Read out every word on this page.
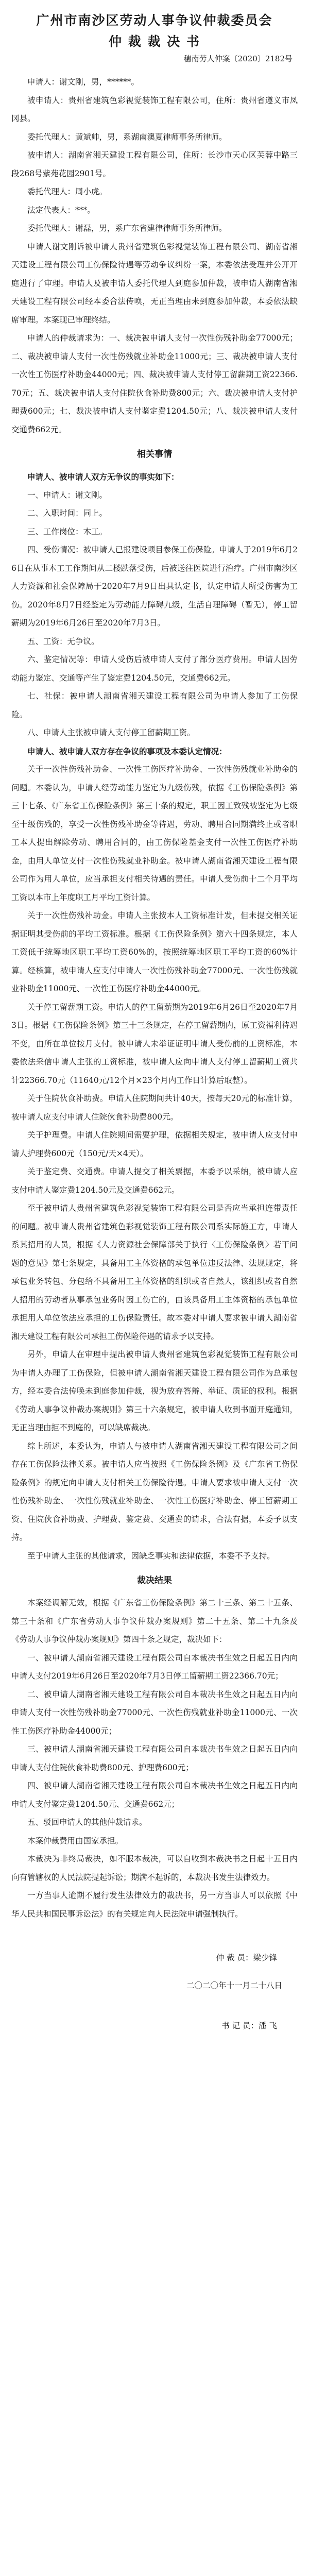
广州市南沙区劳动人事争议仲裁委员会
仲 裁 裁 决 书
穗南劳人仲案〔2020〕2182号

申请人：谢文刚，男，******。

被申请人：贵州省建筑色彩视觉装饰工程有限公司，住所：贵州省遵义市凤冈县。

委托代理人：黄斌帅，男，系湖南澳夏律师事务所律师。

被申请人：湖南省湘天建设工程有限公司，住所：长沙市天心区芙蓉中路三段268号紫苑花园2901号。

委托代理人：周小虎。

法定代表人：***。

委托代理人：谢磊，男，系广东省建律律师事务所律师。

申请人谢文刚诉被申请人贵州省建筑色彩视觉装饰工程有限公司、湖南省湘天建设工程有限公司工伤保险待遇等劳动争议纠纷一案，本委依法受理并公开开庭进行了审理。申请人及被申请人委托代理人到庭参加仲裁，被申请人湖南省湘天建设工程有限公司经本委合法传唤，无正当理由未到庭参加仲裁，本委依法缺席审理。本案现已审理终结。

申请人的仲裁请求为：一、裁决被申请人支付一次性伤残补助金77000元；二、裁决被申请人支付一次性伤残就业补助金11000元；三、裁决被申请人支付一次性工伤医疗补助金44000元；四、裁决被申请人支付停工留薪期工资22366.70元；五、裁决被申请人支付住院伙食补助费800元；六、裁决被申请人支付护理费600元；七、裁决被申请人支付鉴定费1204.50元；八、裁决被申请人支付交通费662元。

相关事情

申请人、被申请人双方无争议的事实如下：

一、申请人：谢文刚。

二、入职时间：同上。

三、工作岗位：木工。

四、受伤情况：被申请人已报建设项目参保工伤保险。申请人于2019年6月26日在从事木工工作期间从二楼跌落受伤，后被送往医院进行治疗。广州市南沙区人力资源和社会保障局于2020年7月9日出具认定书，认定申请人所受伤害为工伤。2020年8月7日经鉴定为劳动能力障碍九级，生活自理障碍（暂无），停工留薪期为2019年6月26日至2020年7月3日。

五、工资：无争议。

六、鉴定情况等：申请人受伤后被申请人支付了部分医疗费用。申请人因劳动能力鉴定、交通等产生了鉴定费1204.50元，交通费662元。

七、社保：被申请人湖南省湘天建设工程有限公司为申请人参加了工伤保险。

八、申请人主张被申请人支付停工留薪期工资。

申请人、被申请人双方存在争议的事项及本委认定情况：

关于一次性伤残补助金、一次性工伤医疗补助金、一次性伤残就业补助金的问题。本委认为，申请人经劳动能力鉴定为九级伤残，依据《工伤保险条例》第三十七条、《广东省工伤保险条例》第三十条的规定，职工因工致残被鉴定为七级至十级伤残的，享受一次性伤残补助金等待遇，劳动、聘用合同期满终止或者职工本人提出解除劳动、聘用合同的，由工伤保险基金支付一次性工伤医疗补助金，由用人单位支付一次性伤残就业补助金。被申请人湖南省湘天建设工程有限公司作为用人单位，应当承担支付相关待遇的责任。申请人受伤前十二个月平均工资以本市上年度职工月平均工资计算。

关于一次性伤残补助金。申请人主张按本人工资标准计发，但未提交相关证据证明其受伤前的平均工资标准。根据《工伤保险条例》第六十四条规定，本人工资低于统筹地区职工平均工资60%的，按照统筹地区职工平均工资的60%计算。经核算，被申请人应支付申请人一次性伤残补助金77000元、一次性伤残就业补助金11000元、一次性工伤医疗补助金44000元。

关于停工留薪期工资。申请人的停工留薪期为2019年6月26日至2020年7月3日。根据《工伤保险条例》第三十三条规定，在停工留薪期内，原工资福利待遇不变，由所在单位按月支付。被申请人未举证证明申请人受伤前的工资标准，本委依法采信申请人主张的工资标准，被申请人应向申请人支付停工留薪期工资共计22366.70元（11640元/12个月×23个月内工作日计算后取整）。

关于住院伙食补助费。申请人住院期间共计40天，按每天20元的标准计算，被申请人应支付申请人住院伙食补助费800元。

关于护理费。申请人住院期间需要护理，依据相关规定，被申请人应支付申请人护理费600元（150元/天×4天）。

关于鉴定费、交通费。申请人提交了相关票据，本委予以采纳，被申请人应支付申请人鉴定费1204.50元及交通费662元。

至于被申请人贵州省建筑色彩视觉装饰工程有限公司是否应当承担连带责任的问题。被申请人贵州省建筑色彩视觉装饰工程有限公司系实际施工方，申请人系其招用的人员，根据《人力资源社会保障部关于执行〈工伤保险条例〉若干问题的意见》第七条规定，具备用工主体资格的承包单位违反法律、法规规定，将承包业务转包、分包给不具备用工主体资格的组织或者自然人，该组织或者自然人招用的劳动者从事承包业务时因工伤亡的，由该具备用工主体资格的承包单位承担用人单位依法应承担的工伤保险责任。故本委对申请人要求被申请人湖南省湘天建设工程有限公司承担工伤保险待遇的请求予以支持。

另外，申请人在审理中提出被申请人贵州省建筑色彩视觉装饰工程有限公司为申请人办理了工伤保险，但被申请人湖南省湘天建设工程有限公司作为总承包方，经本委合法传唤未到庭参加仲裁，视为放弃答辩、举证、质证的权利。根据《劳动人事争议仲裁办案规则》第三十六条规定，被申请人收到书面开庭通知，无正当理由拒不到庭的，可以缺席裁决。

综上所述，本委认为，申请人与被申请人湖南省湘天建设工程有限公司之间存在工伤保险法律关系。被申请人应当按照《工伤保险条例》及《广东省工伤保险条例》的规定向申请人支付相关工伤保险待遇。申请人要求被申请人支付一次性伤残补助金、一次性伤残就业补助金、一次性工伤医疗补助金、停工留薪期工资、住院伙食补助费、护理费、鉴定费、交通费的请求，合法有据，本委予以支持。

至于申请人主张的其他请求，因缺乏事实和法律依据，本委不予支持。

裁决结果

本案经调解无效，根据《广东省工伤保险条例》第二十三条、第二十五条、第三十条和《广东省劳动人事争议仲裁办案规则》第二十五条、第二十九条及《劳动人事争议仲裁办案规则》第四十条之规定，裁决如下：

一、被申请人湖南省湘天建设工程有限公司自本裁决书生效之日起五日内向申请人支付2019年6月26日至2020年7月3日停工留薪期工资22366.70元；

二、被申请人湖南省湘天建设工程有限公司自本裁决书生效之日起五日内向申请人支付一次性伤残补助金77000元、一次性伤残就业补助金11000元、一次性工伤医疗补助金44000元；

三、被申请人湖南省湘天建设工程有限公司自本裁决书生效之日起五日内向申请人支付住院伙食补助费800元、护理费600元；

四、被申请人湖南省湘天建设工程有限公司自本裁决书生效之日起五日内向申请人支付鉴定费1204.50元、交通费662元；

五、驳回申请人的其他仲裁请求。

本案仲裁费用由国家承担。

本裁决为非终局裁决，如不服本裁决，可以自收到本裁决书之日起十五日内向有管辖权的人民法院提起诉讼；期满不起诉的，本裁决书发生法律效力。

一方当事人逾期不履行发生法律效力的裁决书，另一方当事人可以依照《中华人民共和国民事诉讼法》的有关规定向人民法院申请强制执行。

仲 裁 员：梁少锋
二〇二〇年十一月二十八日
书 记 员：潘 飞
